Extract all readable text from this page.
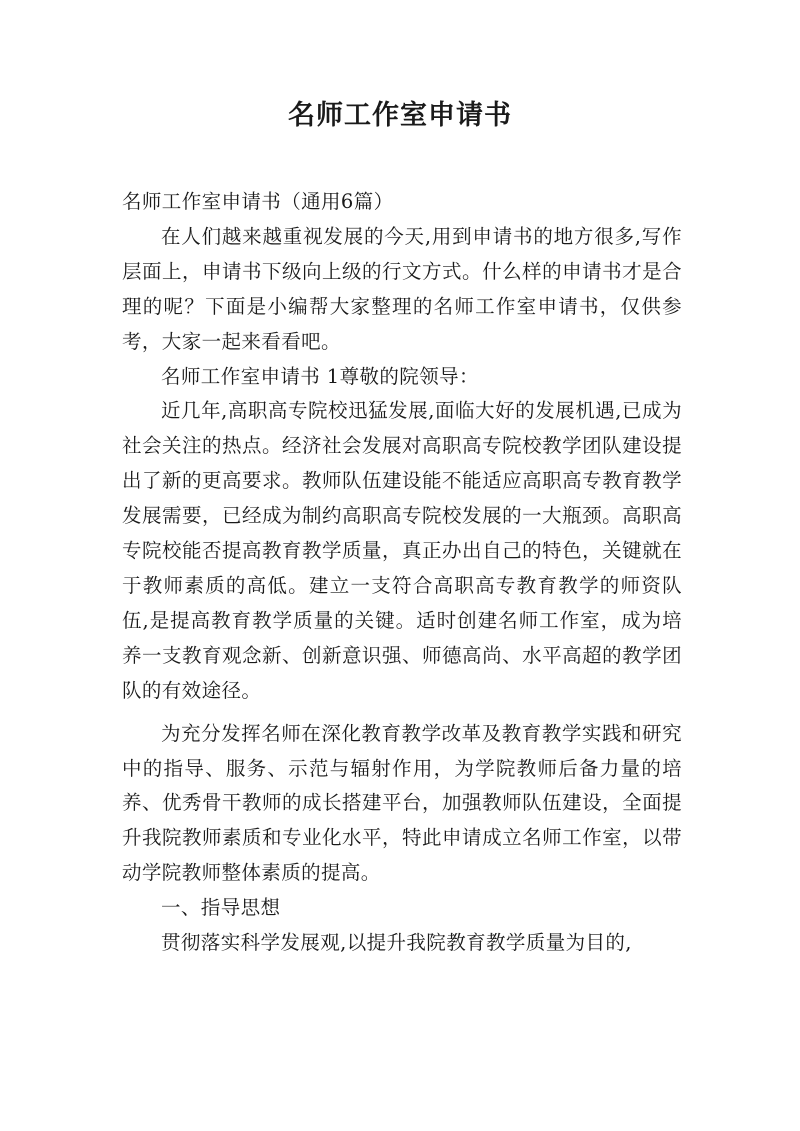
名师工作室申请书

名师工作室申请书（通用6篇）

在人们越来越重视发展的今天,用到申请书的地方很多,写作层面上，申请书下级向上级的行文方式。什么样的申请书才是合理的呢？下面是小编帮大家整理的名师工作室申请书，仅供参考，大家一起来看看吧。

名师工作室申请书 1尊敬的院领导：

近几年,高职高专院校迅猛发展,面临大好的发展机遇,已成为社会关注的热点。经济社会发展对高职高专院校教学团队建设提出了新的更高要求。教师队伍建设能不能适应高职高专教育教学发展需要，已经成为制约高职高专院校发展的一大瓶颈。高职高专院校能否提高教育教学质量，真正办出自己的特色，关键就在于教师素质的高低。建立一支符合高职高专教育教学的师资队伍,是提高教育教学质量的关键。适时创建名师工作室，成为培养一支教育观念新、创新意识强、师德高尚、水平高超的教学团队的有效途径。

为充分发挥名师在深化教育教学改革及教育教学实践和研究中的指导、服务、示范与辐射作用，为学院教师后备力量的培养、优秀骨干教师的成长搭建平台，加强教师队伍建设，全面提升我院教师素质和专业化水平，特此申请成立名师工作室，以带动学院教师整体素质的提高。

一、指导思想

贯彻落实科学发展观,以提升我院教育教学质量为目的,
